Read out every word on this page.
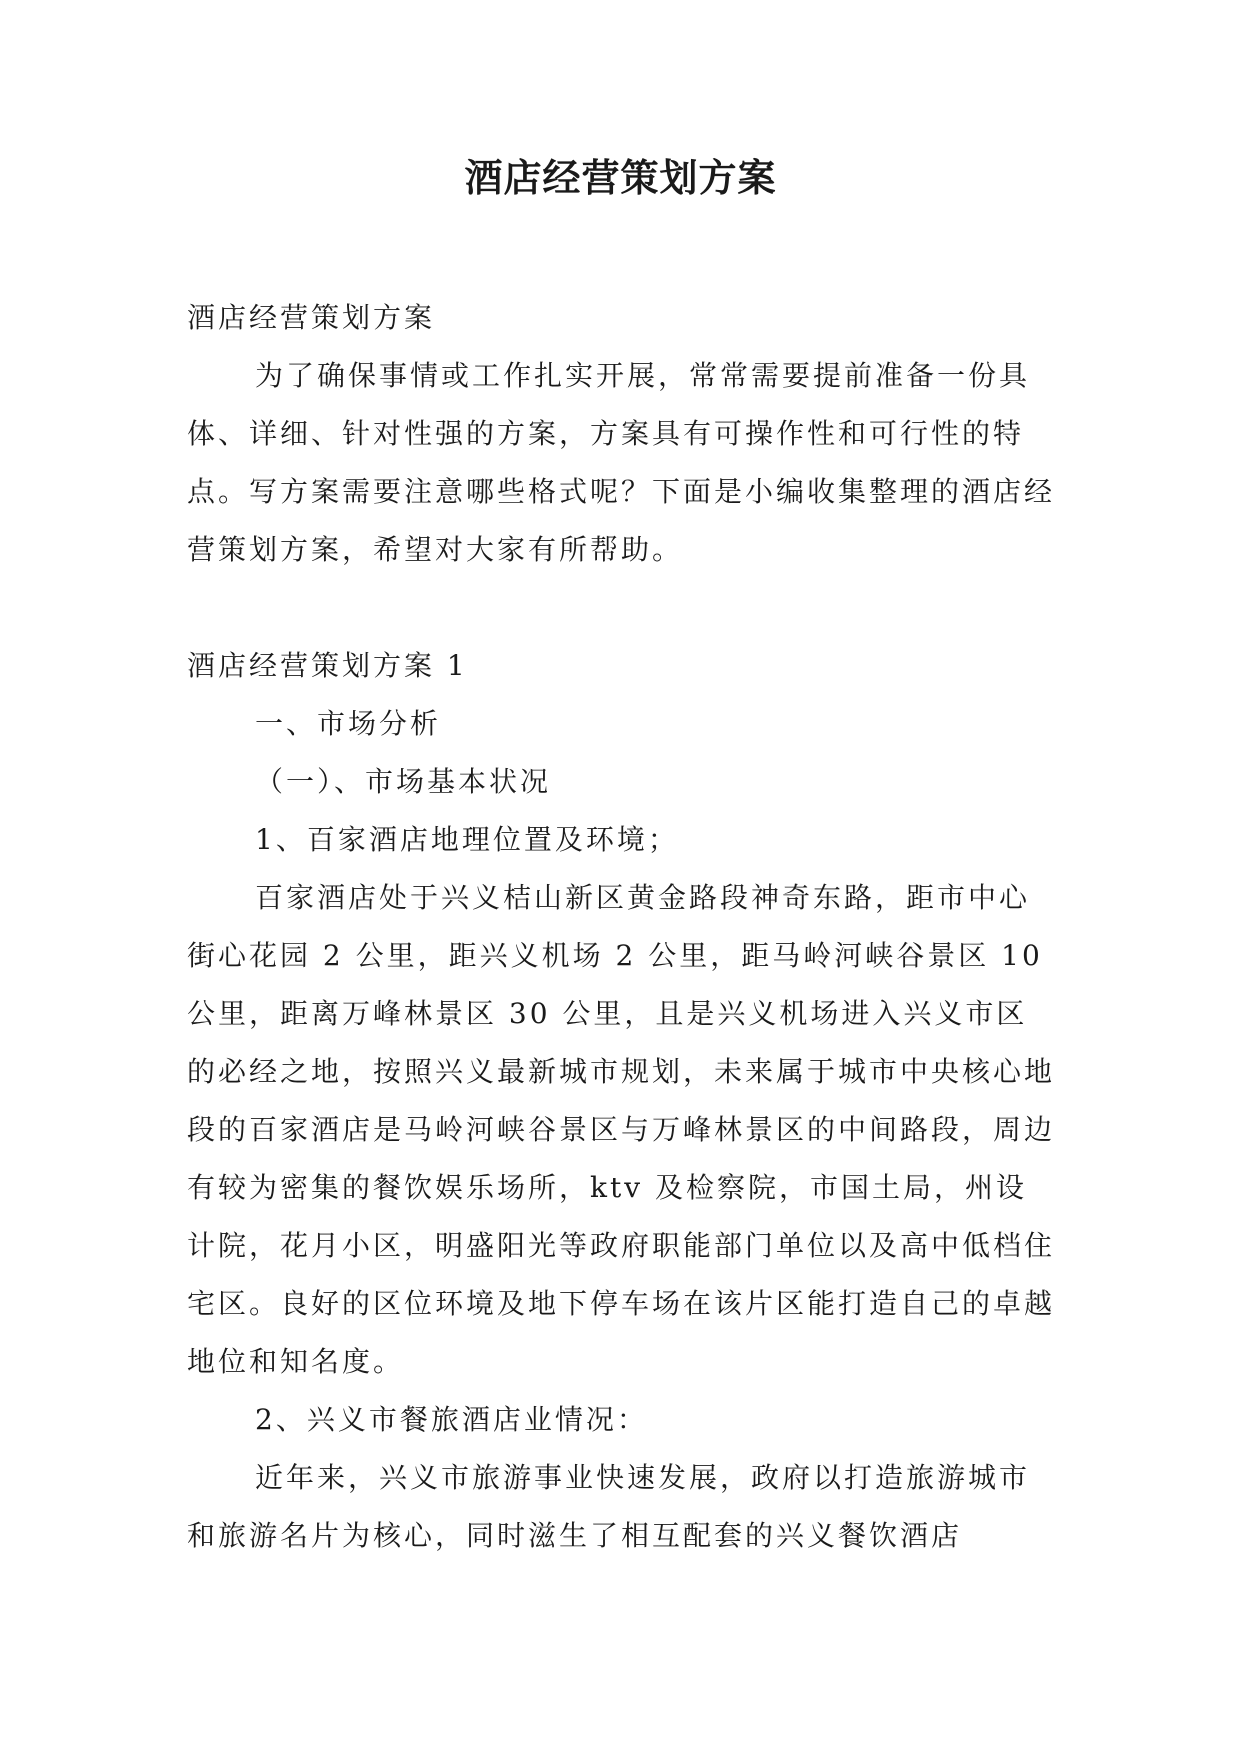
酒店经营策划方案

酒店经营策划方案

为了确保事情或工作扎实开展，常常需要提前准备一份具体、详细、针对性强的方案，方案具有可操作性和可行性的特点。写方案需要注意哪些格式呢？下面是小编收集整理的酒店经营策划方案，希望对大家有所帮助。

酒店经营策划方案 1

一、市场分析

（一）、市场基本状况

1、百家酒店地理位置及环境；

百家酒店处于兴义桔山新区黄金路段神奇东路，距市中心街心花园 2 公里，距兴义机场 2 公里，距马岭河峡谷景区 10 公里，距离万峰林景区 30 公里，且是兴义机场进入兴义市区的必经之地，按照兴义最新城市规划，未来属于城市中央核心地段的百家酒店是马岭河峡谷景区与万峰林景区的中间路段，周边有较为密集的餐饮娱乐场所，ktv 及检察院，市国土局，州设计院，花月小区，明盛阳光等政府职能部门单位以及高中低档住宅区。良好的区位环境及地下停车场在该片区能打造自己的卓越地位和知名度。

2、兴义市餐旅酒店业情况：

近年来，兴义市旅游事业快速发展，政府以打造旅游城市和旅游名片为核心，同时滋生了相互配套的兴义餐饮酒店
